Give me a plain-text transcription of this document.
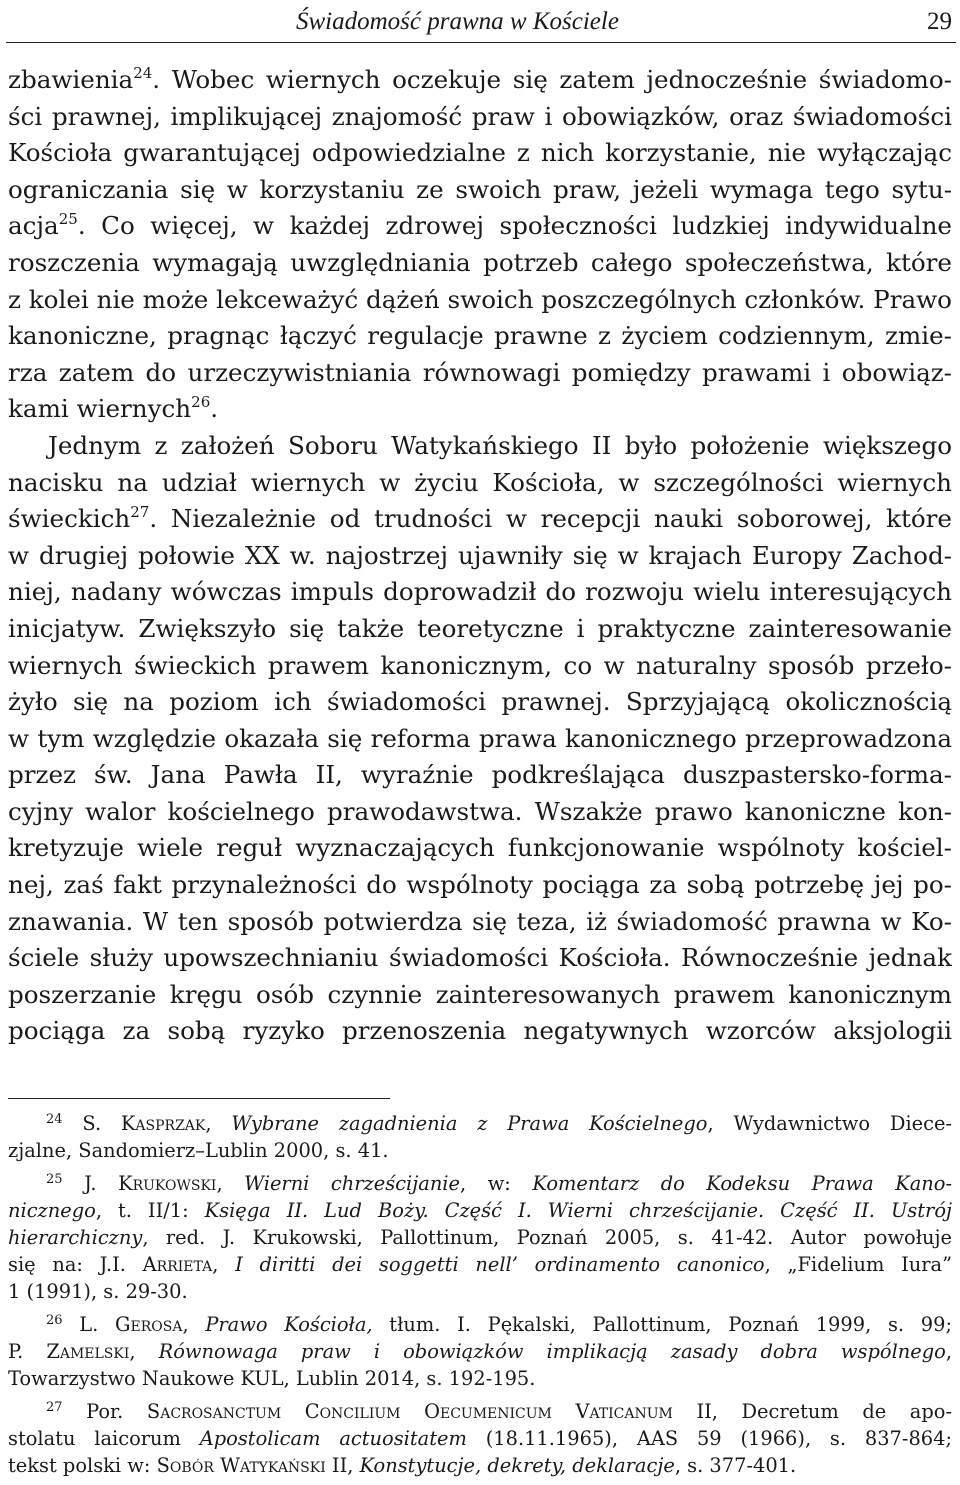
Świadomość prawna w Kościele	29
zbawienia$^{24}$. Wobec wiernych oczekuje się zatem jednocześnie świadomo-
ści prawnej, implikującej znajomość praw i obowiązków, oraz świadomości
Kościoła gwarantującej odpowiedzialne z nich korzystanie, nie wyłączając
ograniczania się w korzystaniu ze swoich praw, jeżeli wymaga tego sytu-
acja$^{25}$. Co więcej, w każdej zdrowej społeczności ludzkiej indywidualne
roszczenia wymagają uwzględniania potrzeb całego społeczeństwa, które
z kolei nie może lekceważyć dążeń swoich poszczególnych członków. Prawo
kanoniczne, pragnąc łączyć regulacje prawne z życiem codziennym, zmie-
rza zatem do urzeczywistniania równowagi pomiędzy prawami i obowiąz-
kami wiernych$^{26}$.
Jednym z założeń Soboru Watykańskiego II było położenie większego
nacisku na udział wiernych w życiu Kościoła, w szczególności wiernych
świeckich$^{27}$. Niezależnie od trudności w recepcji nauki soborowej, które
w drugiej połowie XX w. najostrzej ujawniły się w krajach Europy Zachod-
niej, nadany wówczas impuls doprowadził do rozwoju wielu interesujących
inicjatyw. Zwiększyło się także teoretyczne i praktyczne zainteresowanie
wiernych świeckich prawem kanonicznym, co w naturalny sposób przeło-
żyło się na poziom ich świadomości prawnej. Sprzyjającą okolicznością
w tym względzie okazała się reforma prawa kanonicznego przeprowadzona
przez św. Jana Pawła II, wyraźnie podkreślająca duszpastersko-forma-
cyjny walor kościelnego prawodawstwa. Wszakże prawo kanoniczne kon-
kretyzuje wiele reguł wyznaczających funkcjonowanie wspólnoty kościel-
nej, zaś fakt przynależności do wspólnoty pociąga za sobą potrzebę jej po-
znawania. W ten sposób potwierdza się teza, iż świadomość prawna w Ko-
ściele służy upowszechnianiu świadomości Kościoła. Równocześnie jednak
poszerzanie kręgu osób czynnie zainteresowanych prawem kanonicznym
pociąga za sobą ryzyko przenoszenia negatywnych wzorców aksjologii
$^{24}$ S. Kasprzak, Wybrane zagadnienia z Prawa Kościelnego, Wydawnictwo Diece-
zjalne, Sandomierz–Lublin 2000, s. 41.
$^{25}$ J. Krukowski, Wierni chrześcijanie, w: Komentarz do Kodeksu Prawa Kano-
nicznego, t. II/1: Księga II. Lud Boży. Część I. Wierni chrześcijanie. Część II. Ustrój
hierarchiczny, red. J. Krukowski, Pallottinum, Poznań 2005, s. 41-42. Autor powołuje
się na: J.I. Arrieta, I diritti dei soggetti nell’ ordinamento canonico, „Fidelium Iura”
1 (1991), s. 29-30.
$^{26}$ L. Gerosa, Prawo Kościoła, tłum. I. Pękalski, Pallottinum, Poznań 1999, s. 99;
P. Zamelski, Równowaga praw i obowiązków implikacją zasady dobra wspólnego,
Towarzystwo Naukowe KUL, Lublin 2014, s. 192-195.
$^{27}$ Por. Sacrosanctum Concilium Oecumenicum Vaticanum II, Decretum de apo-
stolatu laicorum Apostolicam actuositatem (18.11.1965), AAS 59 (1966), s. 837-864;
tekst polski w: Sobór Watykański II, Konstytucje, dekrety, deklaracje, s. 377-401.
